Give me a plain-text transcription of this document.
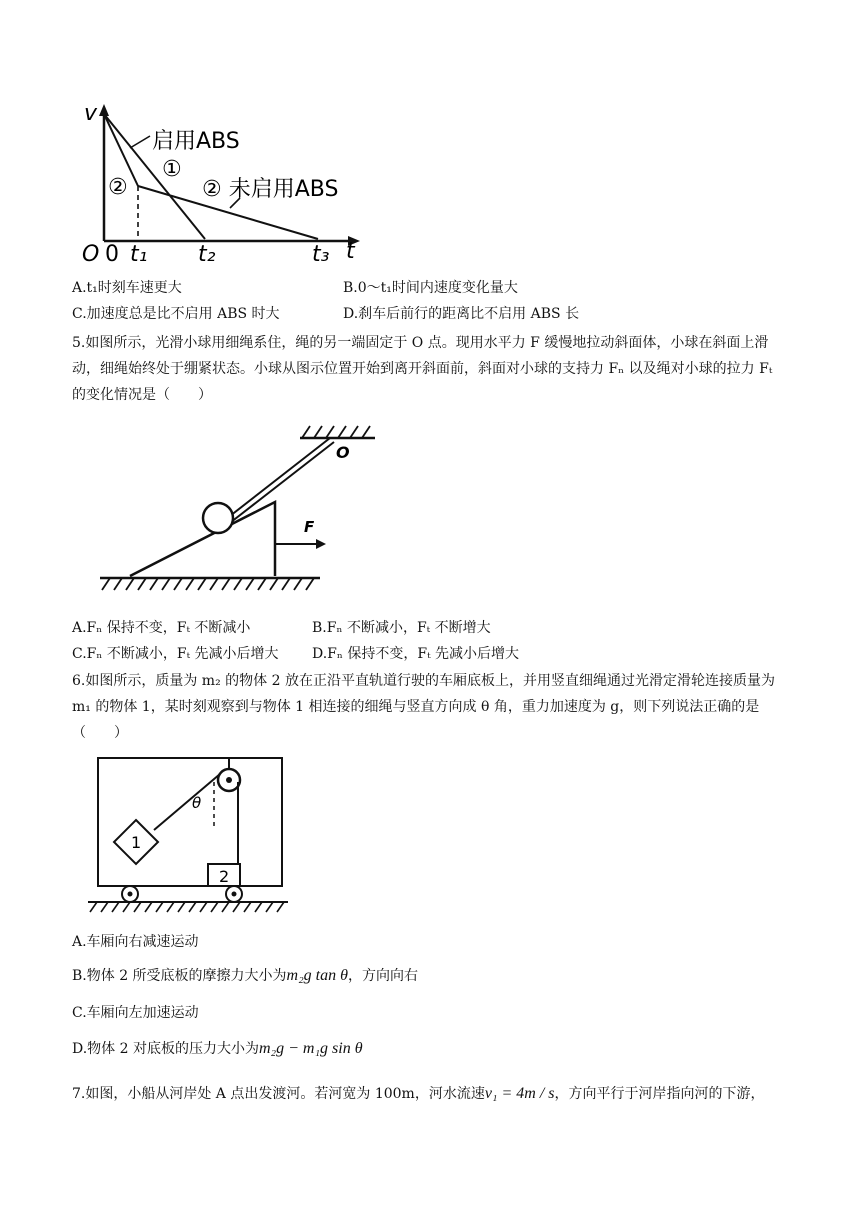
v
t
O 0 t₁ t₂	t₃
启用ABS
①
②	② 未启用ABS
A.t₁时刻车速更大	B.0～t₁时间内速度变化量大
C.加速度总是比不启用 ABS 时大	D.刹车后前行的距离比不启用 ABS 长
5.如图所示，光滑小球用细绳系住，绳的另一端固定于 O 点。现用水平力 F 缓慢地拉动斜面体，小球在斜面上滑动，细绳始终处于绷紧状态。小球从图示位置开始到离开斜面前，斜面对小球的支持力 Fₙ 以及绳对小球的拉力 Fₜ 的变化情况是（　　）
O
F
A.Fₙ 保持不变，Fₜ 不断减小	B.Fₙ 不断减小，Fₜ 不断增大
C.Fₙ 不断减小，Fₜ 先减小后增大 D.Fₙ 保持不变，Fₜ 先减小后增大
6.如图所示，质量为 m₂ 的物体 2 放在正沿平直轨道行驶的车厢底板上，并用竖直细绳通过光滑定滑轮连接质量为 m₁ 的物体 1，某时刻观察到与物体 1 相连接的细绳与竖直方向成 θ 角，重力加速度为 g，则下列说法正确的是（　　）
θ
1
2
A.车厢向右减速运动
B.物体 2 所受底板的摩擦力大小为m₂g tan θ，方向向右
C.车厢向左加速运动
D.物体 2 对底板的压力大小为m₂g − m₁g sin θ
7.如图，小船从河岸处 A 点出发渡河。若河宽为 100m，河水流速v₁ = 4m / s，方向平行于河岸指向河的下游，
